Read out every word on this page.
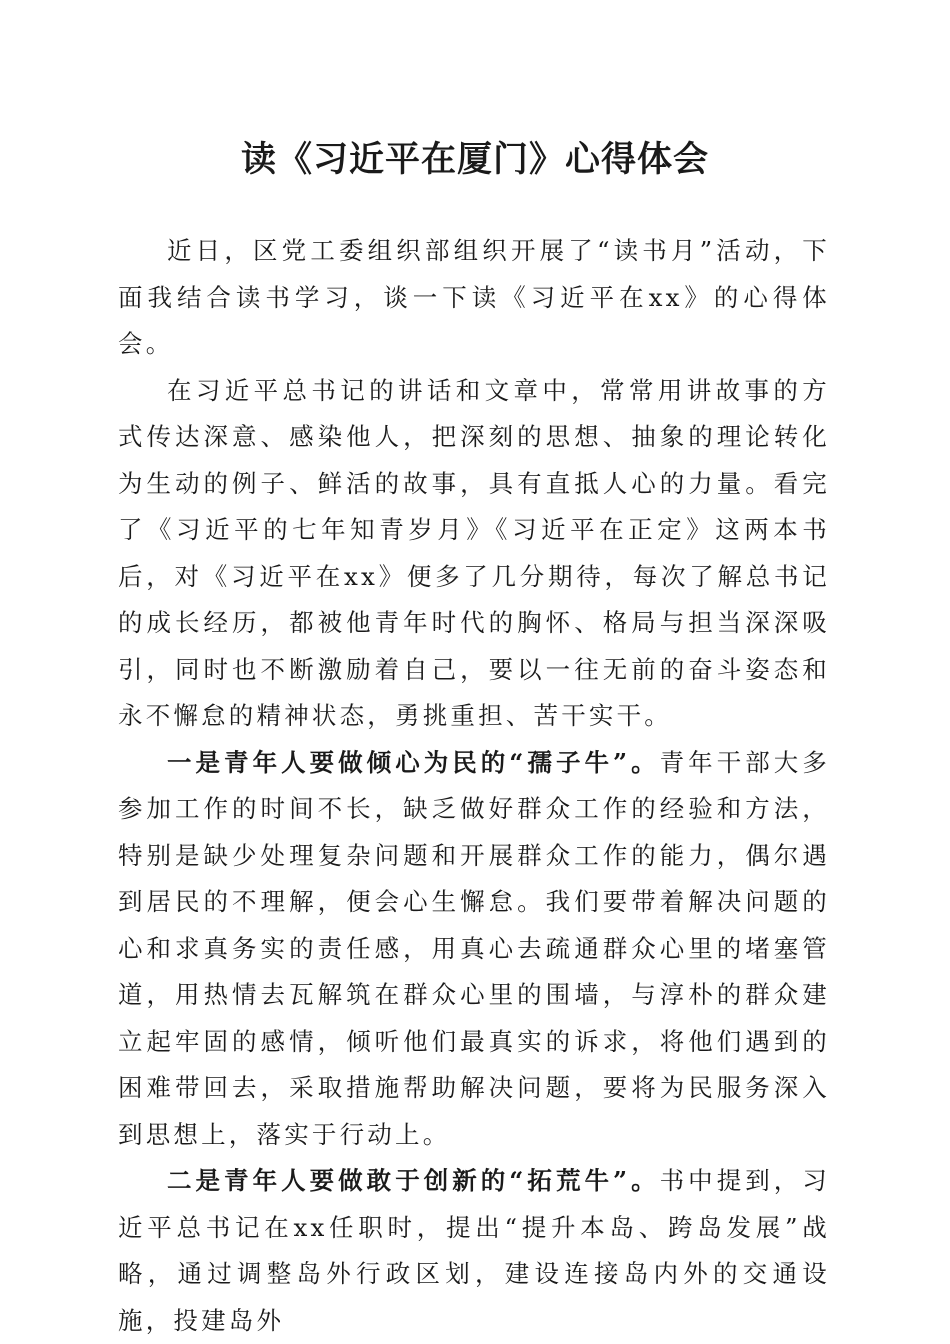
读《习近平在厦门》心得体会

近日，区党工委组织部组织开展了“读书月”活动，下面我结合读书学习，谈一下读《习近平在xx》的心得体会。

在习近平总书记的讲话和文章中，常常用讲故事的方式传达深意、感染他人，把深刻的思想、抽象的理论转化为生动的例子、鲜活的故事，具有直抵人心的力量。看完了《习近平的七年知青岁月》《习近平在正定》这两本书后，对《习近平在xx》便多了几分期待，每次了解总书记的成长经历，都被他青年时代的胸怀、格局与担当深深吸引，同时也不断激励着自己，要以一往无前的奋斗姿态和永不懈怠的精神状态，勇挑重担、苦干实干。

一是青年人要做倾心为民的“孺子牛”。青年干部大多参加工作的时间不长，缺乏做好群众工作的经验和方法，特别是缺少处理复杂问题和开展群众工作的能力，偶尔遇到居民的不理解，便会心生懈怠。我们要带着解决问题的心和求真务实的责任感，用真心去疏通群众心里的堵塞管道，用热情去瓦解筑在群众心里的围墙，与淳朴的群众建立起牢固的感情，倾听他们最真实的诉求，将他们遇到的困难带回去，采取措施帮助解决问题，要将为民服务深入到思想上，落实于行动上。

二是青年人要做敢于创新的“拓荒牛”。书中提到，习近平总书记在xx任职时，提出“提升本岛、跨岛发展”战略，通过调整岛外行政区划，建设连接岛内外的交通设施，投建岛外
